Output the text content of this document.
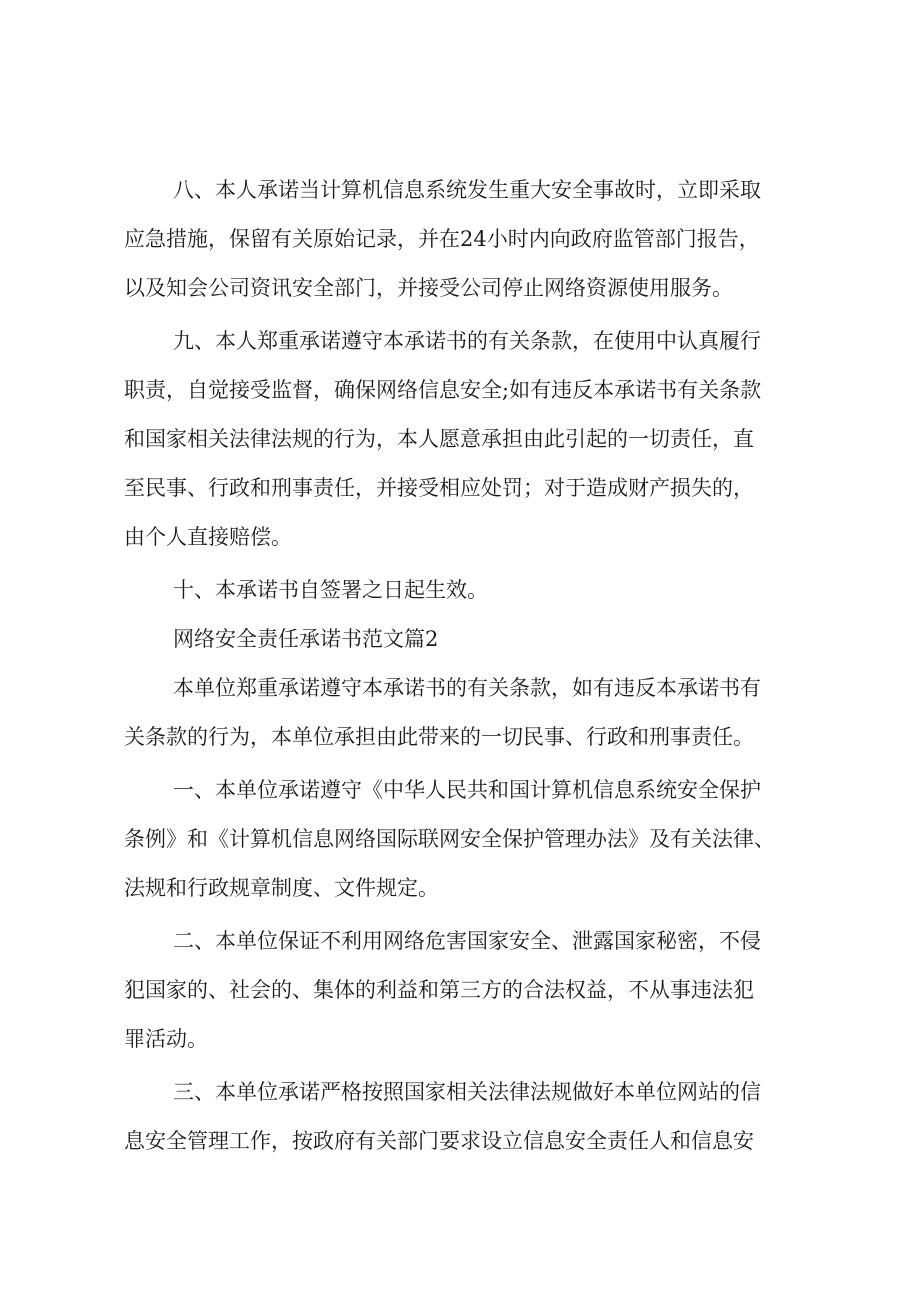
八、本人承诺当计算机信息系统发生重大安全事故时，立即采取
应急措施，保留有关原始记录，并在24小时内向政府监管部门报告，
以及知会公司资讯安全部门，并接受公司停止网络资源使用服务。
九、本人郑重承诺遵守本承诺书的有关条款，在使用中认真履行
职责，自觉接受监督，确保网络信息安全;如有违反本承诺书有关条款
和国家相关法律法规的行为，本人愿意承担由此引起的一切责任，直
至民事、行政和刑事责任，并接受相应处罚；对于造成财产损失的，
由个人直接赔偿。
十、本承诺书自签署之日起生效。
网络安全责任承诺书范文篇2
本单位郑重承诺遵守本承诺书的有关条款，如有违反本承诺书有
关条款的行为，本单位承担由此带来的一切民事、行政和刑事责任。
一、本单位承诺遵守《中华人民共和国计算机信息系统安全保护
条例》和《计算机信息网络国际联网安全保护管理办法》及有关法律、
法规和行政规章制度、文件规定。
二、本单位保证不利用网络危害国家安全、泄露国家秘密，不侵
犯国家的、社会的、集体的利益和第三方的合法权益，不从事违法犯
罪活动。
三、本单位承诺严格按照国家相关法律法规做好本单位网站的信
息安全管理工作，按政府有关部门要求设立信息安全责任人和信息安
